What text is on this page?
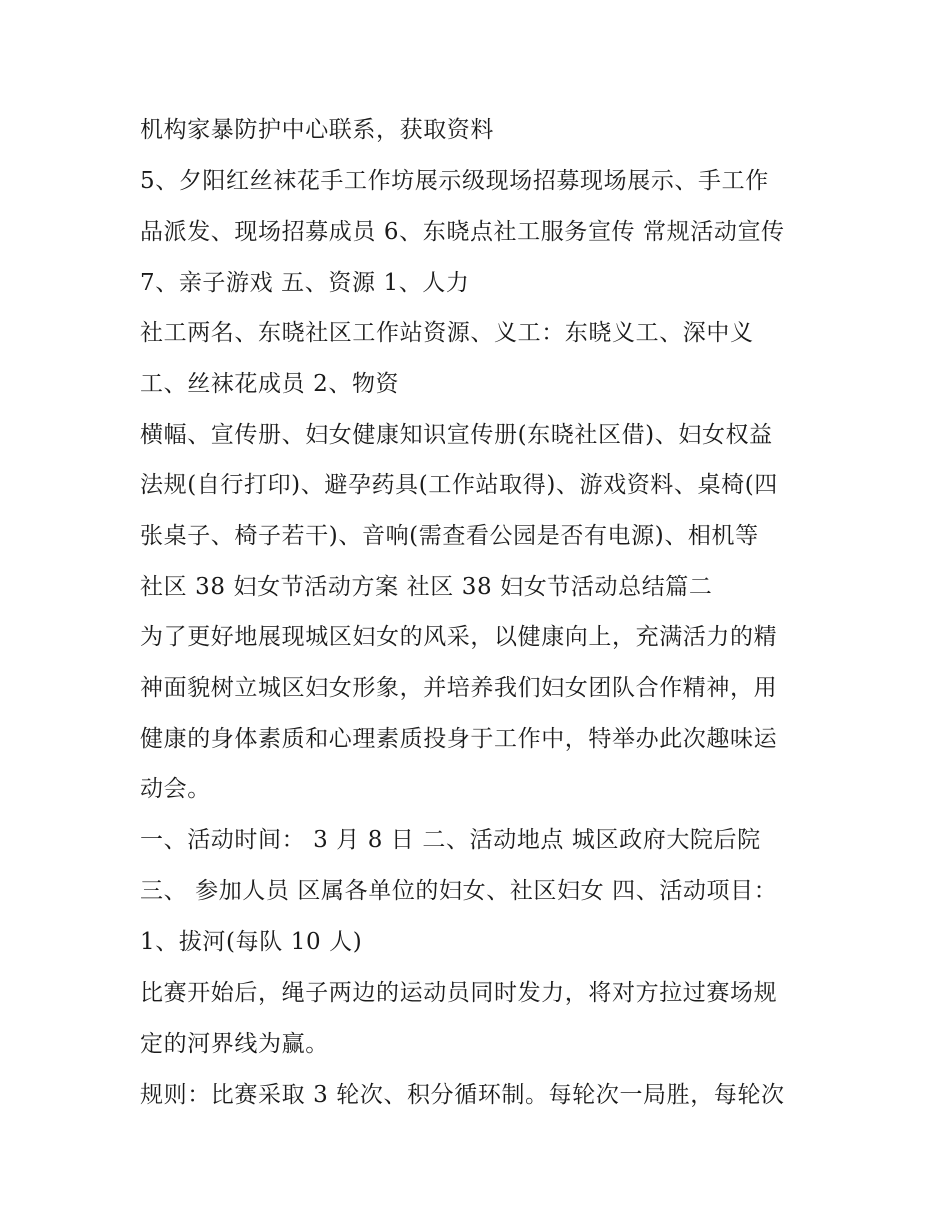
机构家暴防护中心联系，获取资料

5、夕阳红丝袜花手工作坊展示级现场招募现场展示、手工作

品派发、现场招募成员 6、东晓点社工服务宣传 常规活动宣传

7、亲子游戏 五、资源 1、人力

社工两名、东晓社区工作站资源、义工：东晓义工、深中义

工、丝袜花成员 2、物资

横幅、宣传册、妇女健康知识宣传册(东晓社区借)、妇女权益

法规(自行打印)、避孕药具(工作站取得)、游戏资料、桌椅(四

张桌子、椅子若干)、音响(需查看公园是否有电源)、相机等

社区 38 妇女节活动方案 社区 38 妇女节活动总结篇二

为了更好地展现城区妇女的风采，以健康向上，充满活力的精

神面貌树立城区妇女形象，并培养我们妇女团队合作精神，用

健康的身体素质和心理素质投身于工作中，特举办此次趣味运

动会。

一、活动时间： 3 月 8 日 二、活动地点 城区政府大院后院

三、 参加人员 区属各单位的妇女、社区妇女 四、活动项目：

1、拔河(每队 10 人)

比赛开始后，绳子两边的运动员同时发力，将对方拉过赛场规

定的河界线为赢。

规则：比赛采取 3 轮次、积分循环制。每轮次一局胜，每轮次
